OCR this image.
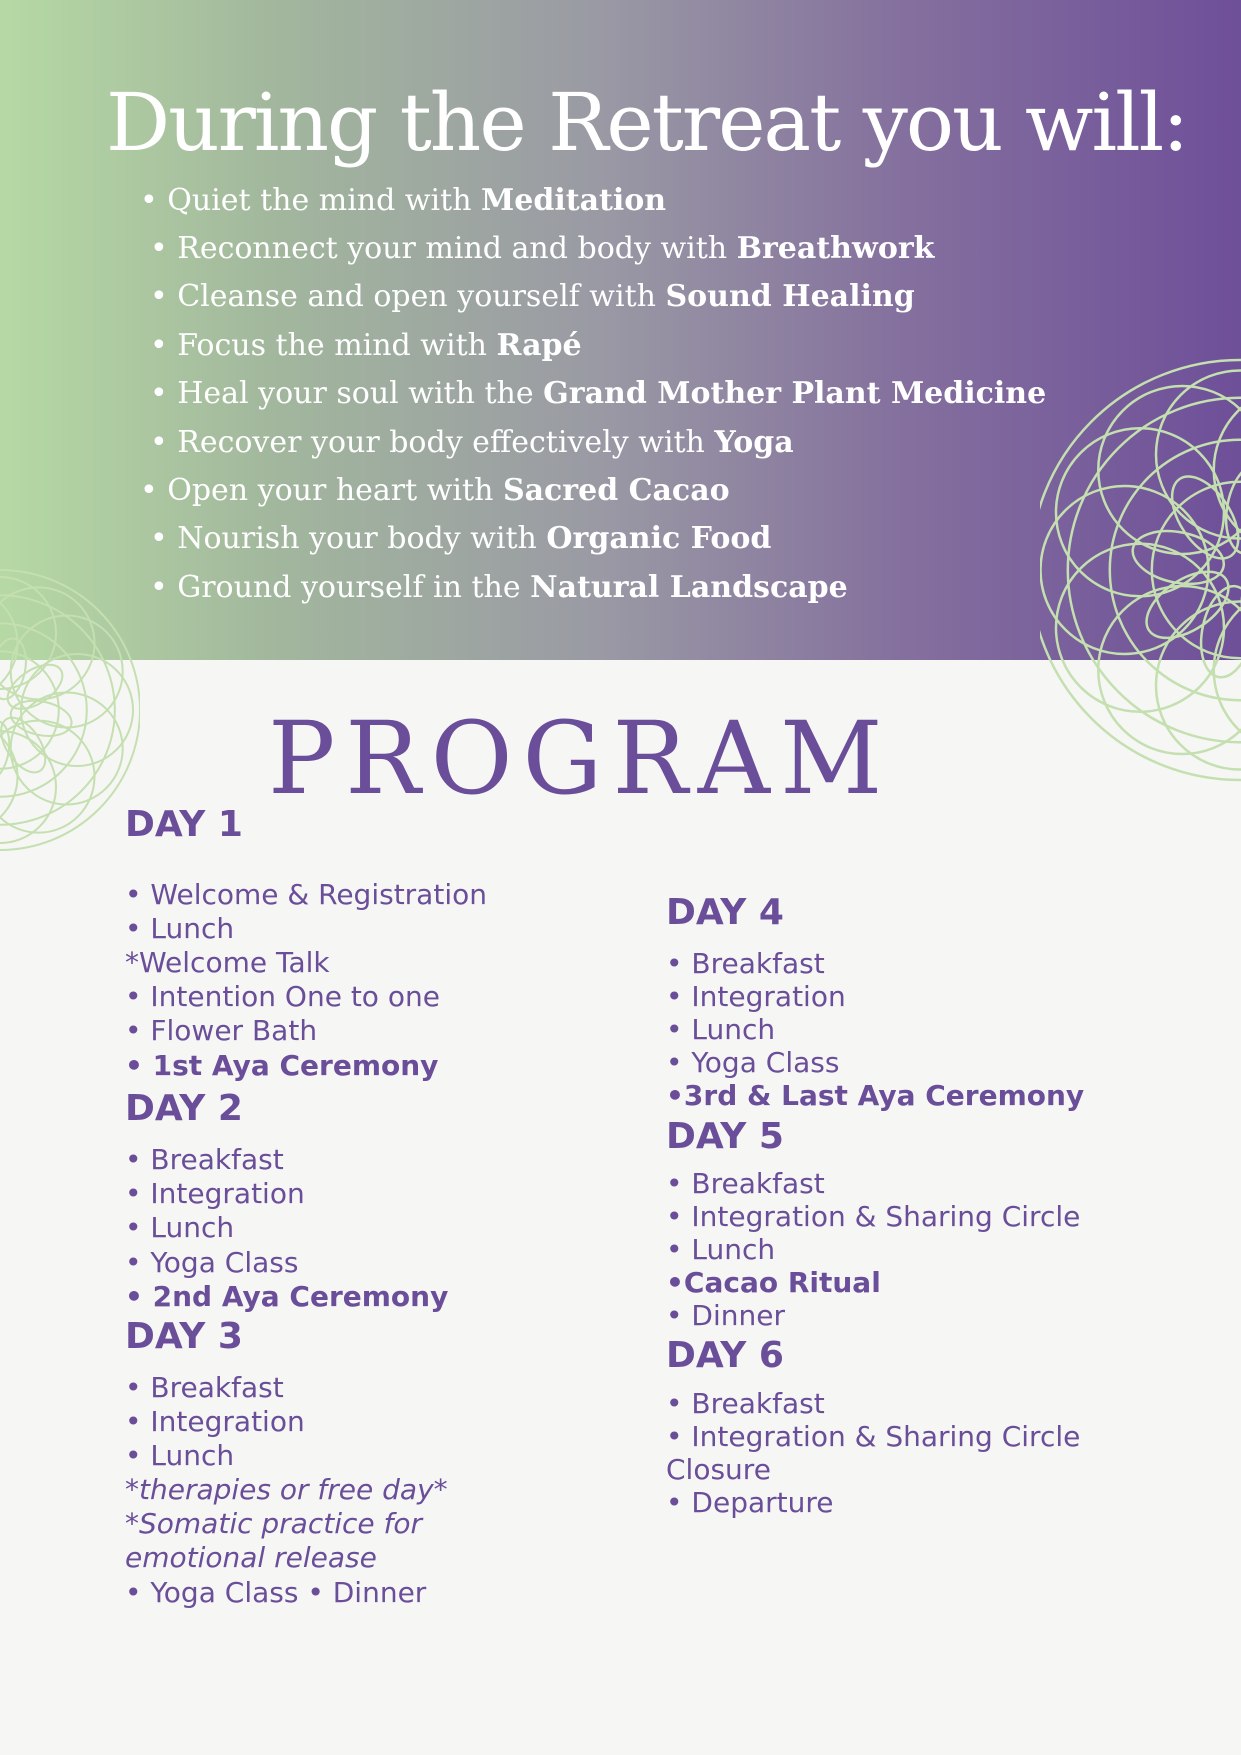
During the Retreat you will:
• Quiet the mind with Meditation
• Reconnect your mind and body with Breathwork
• Cleanse and open yourself with Sound Healing
• Focus the mind with Rapé
• Heal your soul with the Grand Mother Plant Medicine
• Recover your body effectively with Yoga
• Open your heart with Sacred Cacao
• Nourish your body with Organic Food
• Ground yourself in the Natural Landscape
PROGRAM
DAY 1
• Welcome & Registration
• Lunch
*Welcome Talk
• Intention One to one
• Flower Bath
• 1st Aya Ceremony
DAY 2
• Breakfast
• Integration
• Lunch
• Yoga Class
• 2nd Aya Ceremony
DAY 3
• Breakfast
• Integration
• Lunch
*therapies or free day*
*Somatic practice for
emotional release
• Yoga Class • Dinner
DAY 4
• Breakfast
• Integration
• Lunch
• Yoga Class
•3rd & Last Aya Ceremony
DAY 5
• Breakfast
• Integration & Sharing Circle
• Lunch
•Cacao Ritual
• Dinner
DAY 6
• Breakfast
• Integration & Sharing Circle
Closure
• Departure
